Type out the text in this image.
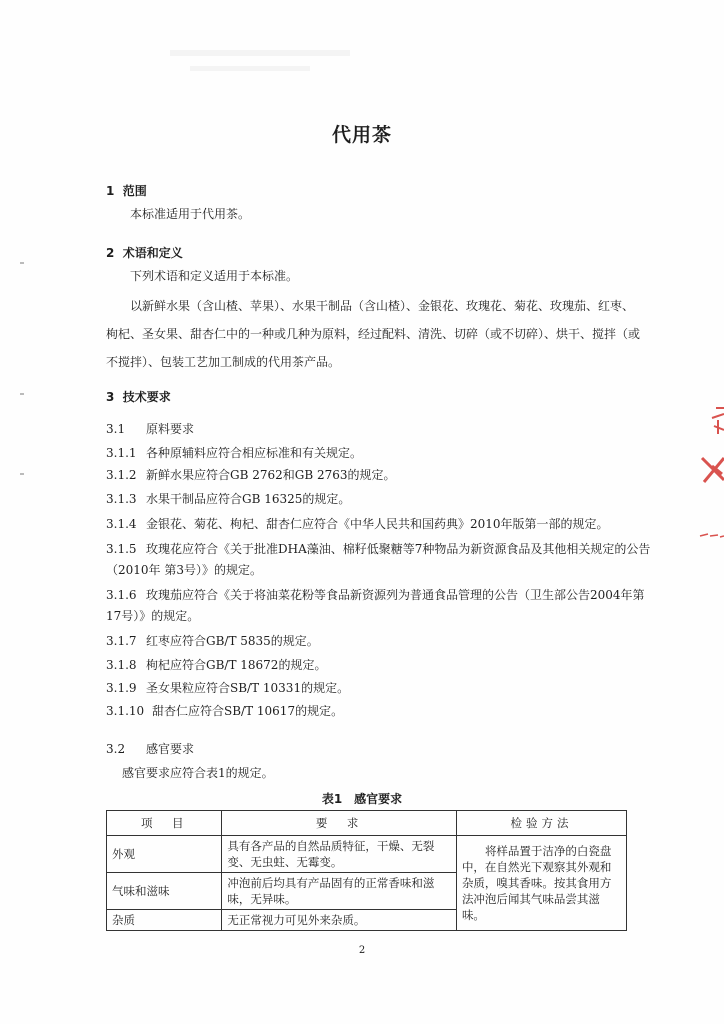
代用茶
1 范围
本标准适用于代用茶。
2 术语和定义
下列术语和定义适用于本标准。
以新鲜水果（含山楂、苹果）、水果干制品（含山楂）、金银花、玫瑰花、菊花、玫瑰茄、红枣、
枸杞、圣女果、甜杏仁中的一种或几种为原料，经过配料、清洗、切碎（或不切碎）、烘干、搅拌（或
不搅拌）、包装工艺加工制成的代用茶产品。
3 技术要求
3.1 原料要求
3.1.1 各种原辅料应符合相应标准和有关规定。
3.1.2 新鲜水果应符合GB 2762和GB 2763的规定。
3.1.3 水果干制品应符合GB 16325的规定。
3.1.4 金银花、菊花、枸杞、甜杏仁应符合《中华人民共和国药典》2010年版第一部的规定。
3.1.5 玫瑰花应符合《关于批准DHA藻油、棉籽低聚糖等7种物品为新资源食品及其他相关规定的公告
（2010年 第3号）》的规定。
3.1.6 玫瑰茄应符合《关于将油菜花粉等食品新资源列为普通食品管理的公告（卫生部公告2004年第
17号）》的规定。
3.1.7 红枣应符合GB/T 5835的规定。
3.1.8 枸杞应符合GB/T 18672的规定。
3.1.9 圣女果粒应符合SB/T 10331的规定。
3.1.10 甜杏仁应符合SB/T 10617的规定。
3.2 感官要求
感官要求应符合表1的规定。
表1　感官要求
项　目	要　求	检验方法
外观	具有各产品的自然品质特征，干燥、无裂变、无虫蛀、无霉变。	将样品置于洁净的白瓷盘中，在自然光下观察其外观和杂质，嗅其香味。按其食用方法冲泡后闻其气味品尝其滋味。
气味和滋味	冲泡前后均具有产品固有的正常香味和滋味，无异味。	
杂质	无正常视力可见外来杂质。	
2
